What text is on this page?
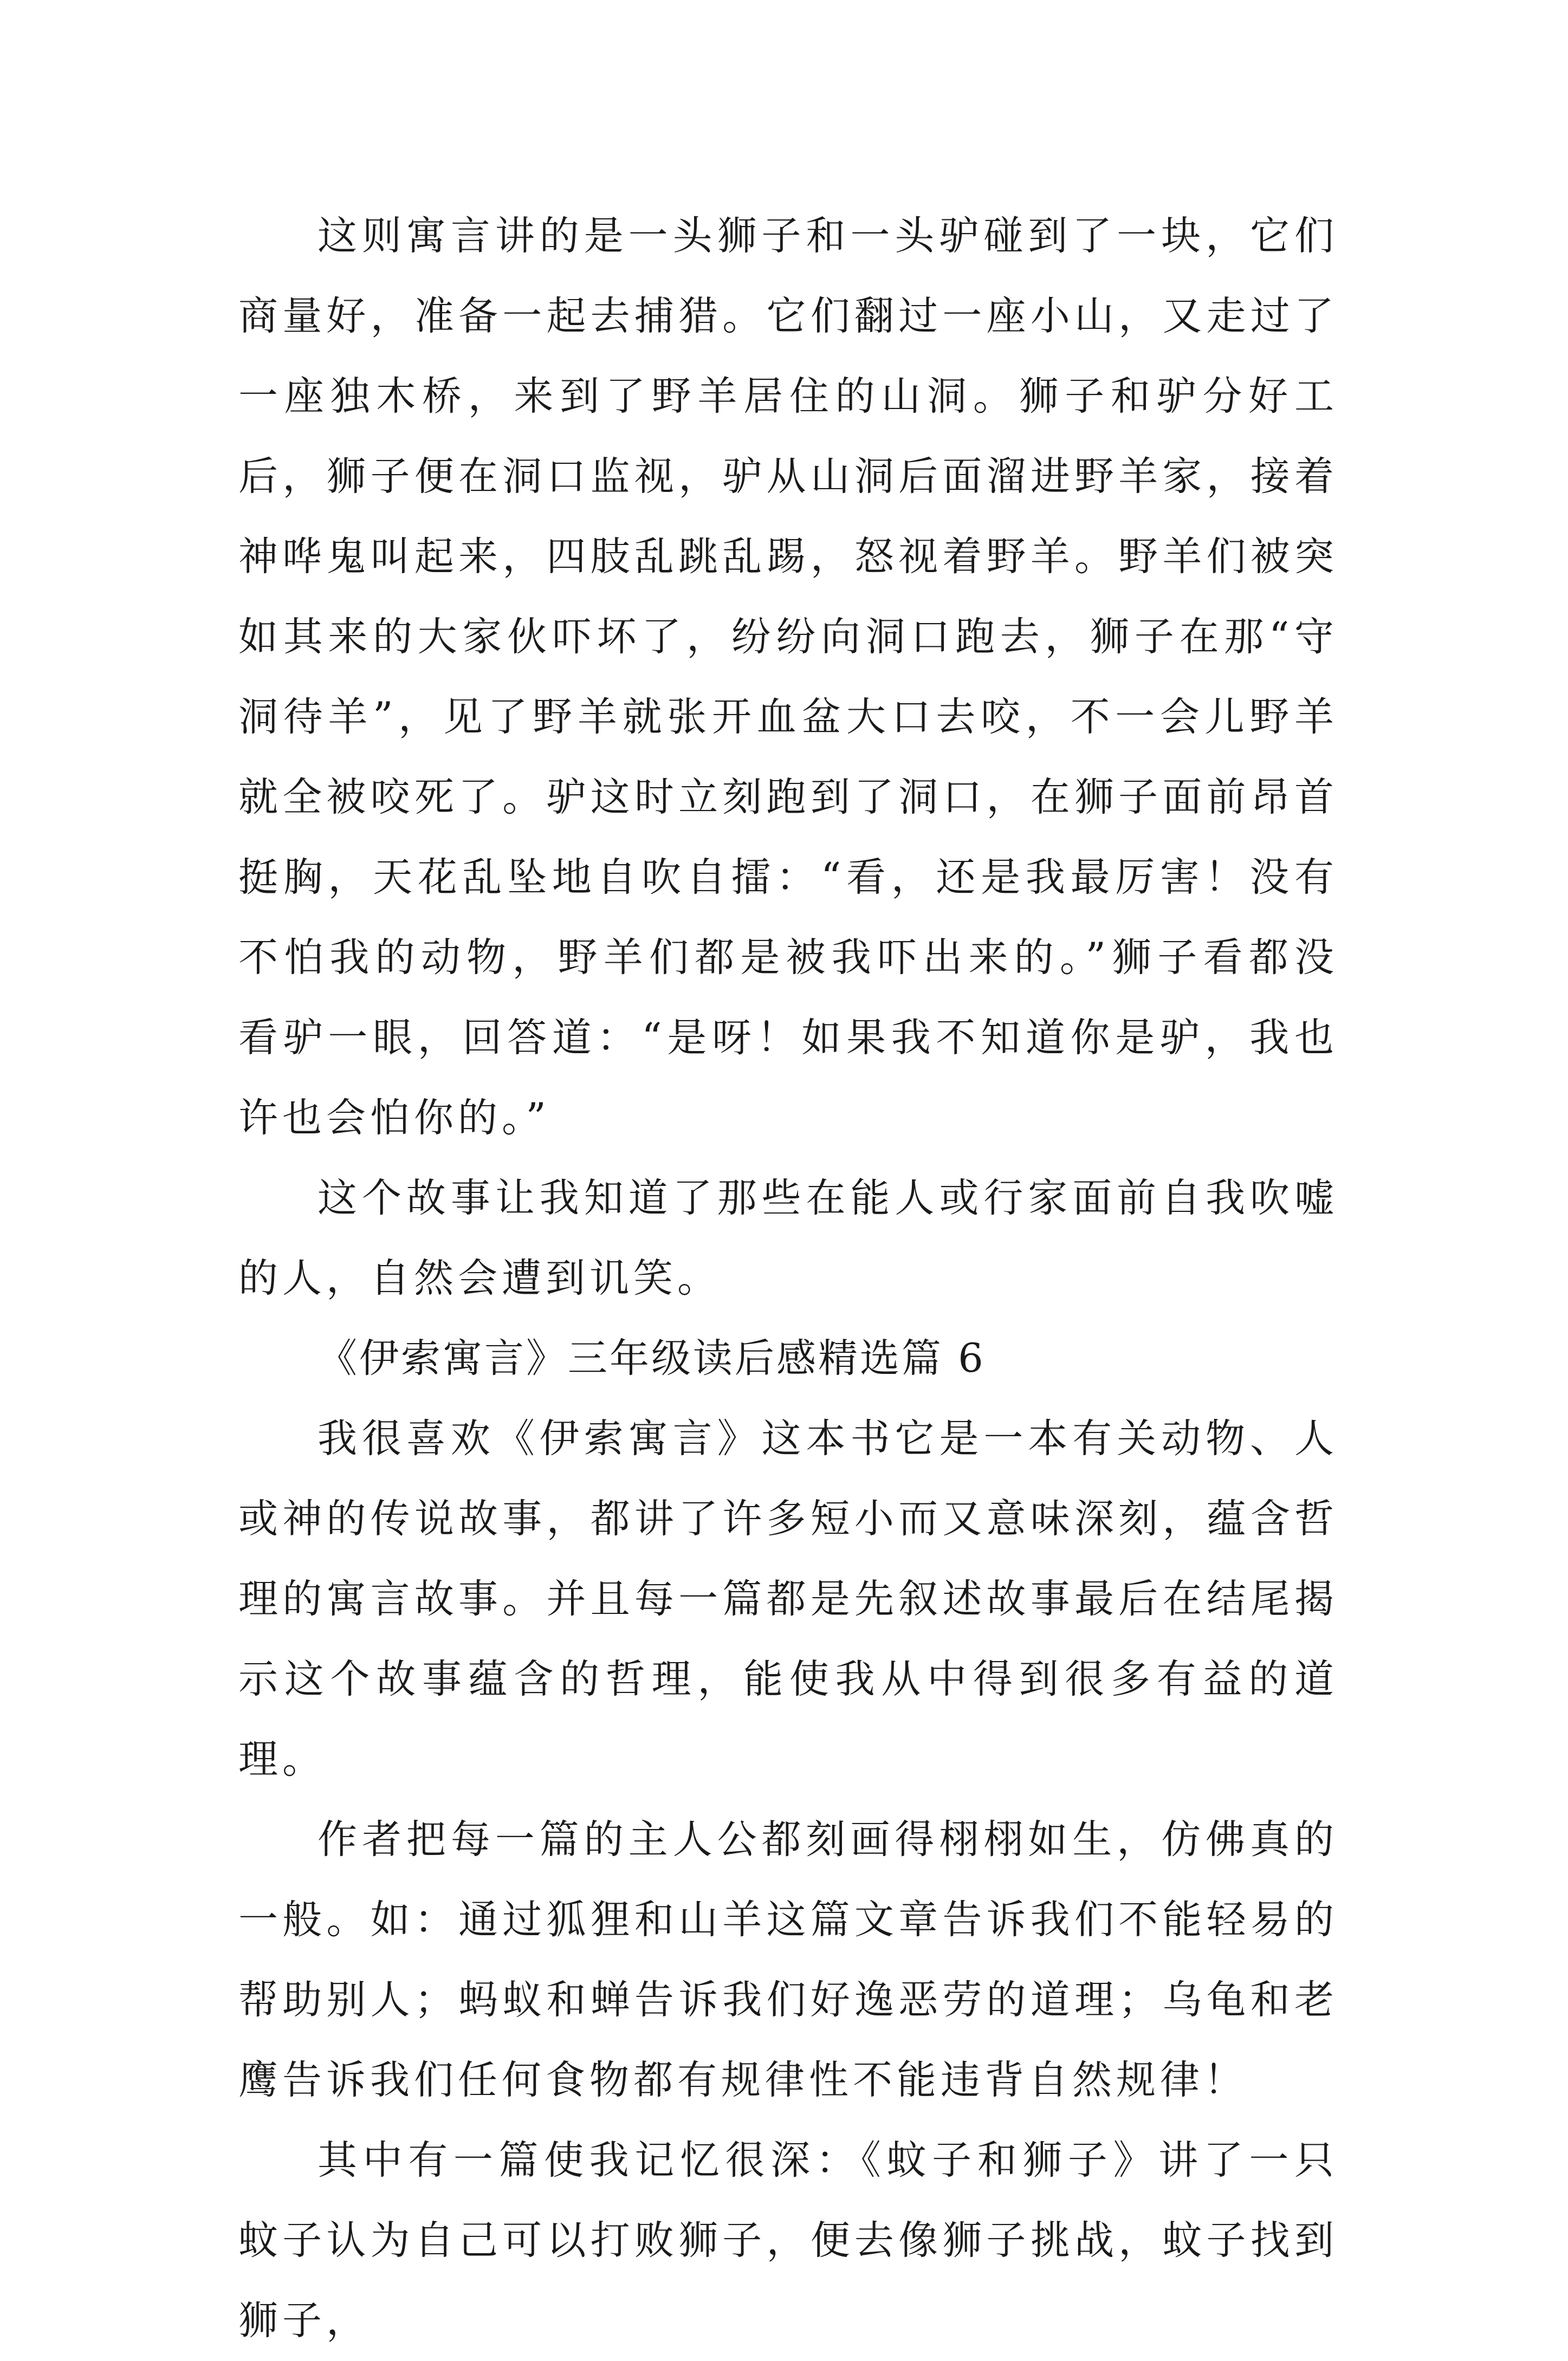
这则寓言讲的是一头狮子和一头驴碰到了一块，它们商量好，准备一起去捕猎。它们翻过一座小山，又走过了一座独木桥，来到了野羊居住的山洞。狮子和驴分好工后，狮子便在洞口监视，驴从山洞后面溜进野羊家，接着神哗鬼叫起来，四肢乱跳乱踢，怒视着野羊。野羊们被突如其来的大家伙吓坏了，纷纷向洞口跑去，狮子在那“守洞待羊”，见了野羊就张开血盆大口去咬，不一会儿野羊就全被咬死了。驴这时立刻跑到了洞口，在狮子面前昂首挺胸，天花乱坠地自吹自擂：“看，还是我最厉害！没有不怕我的动物，野羊们都是被我吓出来的。”狮子看都没看驴一眼，回答道：“是呀！如果我不知道你是驴，我也许也会怕你的。”

这个故事让我知道了那些在能人或行家面前自我吹嘘的人，自然会遭到讥笑。

《伊索寓言》三年级读后感精选篇 6

我很喜欢《伊索寓言》这本书它是一本有关动物、人或神的传说故事，都讲了许多短小而又意味深刻，蕴含哲理的寓言故事。并且每一篇都是先叙述故事最后在结尾揭示这个故事蕴含的哲理，能使我从中得到很多有益的道理。

作者把每一篇的主人公都刻画得栩栩如生，仿佛真的一般。如：通过狐狸和山羊这篇文章告诉我们不能轻易的帮助别人；蚂蚁和蝉告诉我们好逸恶劳的道理；乌龟和老鹰告诉我们任何食物都有规律性不能违背自然规律！

其中有一篇使我记忆很深：《蚊子和狮子》讲了一只蚊子认为自己可以打败狮子，便去像狮子挑战，蚊子找到狮子，
